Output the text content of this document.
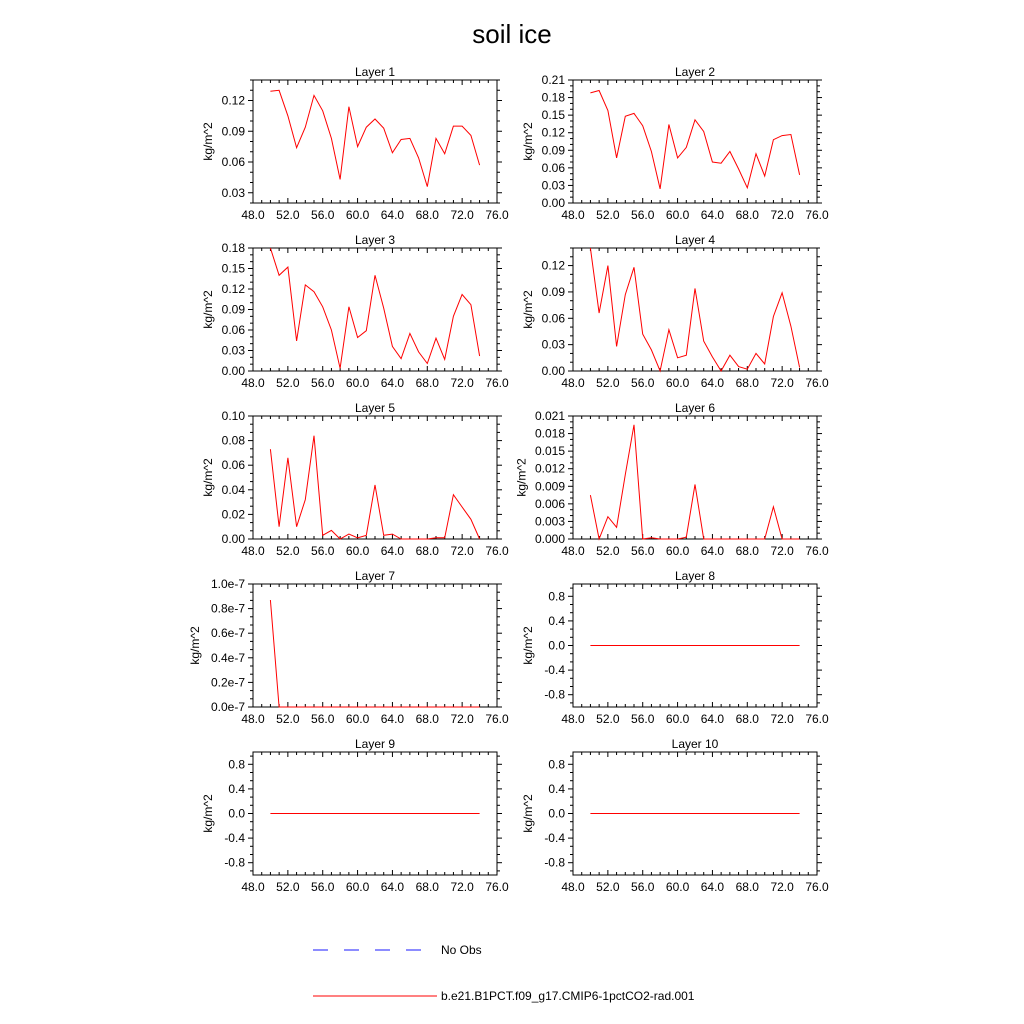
soil ice
Layer 1
48.0 52.0 56.0 60.0 64.0 68.0 72.0 76.0
0.03
0.06
0.09
0.12
kg/m^2
Layer 2
48.0 52.0 56.0 60.0 64.0 68.0 72.0 76.0
0.00
0.03
0.06
0.09
0.12
0.15
0.18
0.21
kg/m^2
Layer 3
48.0 52.0 56.0 60.0 64.0 68.0 72.0 76.0
0.00
0.03
0.06
0.09
0.12
0.15
0.18
kg/m^2
Layer 4
48.0 52.0 56.0 60.0 64.0 68.0 72.0 76.0
0.00
0.03
0.06
0.09
0.12
kg/m^2
Layer 5
48.0 52.0 56.0 60.0 64.0 68.0 72.0 76.0
0.00
0.02
0.04
0.06
0.08
0.10
kg/m^2
Layer 6
48.0 52.0 56.0 60.0 64.0 68.0 72.0 76.0
0.000
0.003
0.006
0.009
0.012
0.015
0.018
0.021
kg/m^2
Layer 7
48.0 52.0 56.0 60.0 64.0 68.0 72.0 76.0
0.0e-7
0.2e-7
0.4e-7
0.6e-7
0.8e-7
1.0e-7
kg/m^2
Layer 8
48.0 52.0 56.0 60.0 64.0 68.0 72.0 76.0
-0.8
-0.4
0.0
0.4
0.8
kg/m^2
Layer 9
48.0 52.0 56.0 60.0 64.0 68.0 72.0 76.0
-0.8
-0.4
0.0
0.4
0.8
kg/m^2
Layer 10
48.0 52.0 56.0 60.0 64.0 68.0 72.0 76.0
-0.8
-0.4
0.0
0.4
0.8
kg/m^2
No Obs
b.e21.B1PCT.f09_g17.CMIP6-1pctCO2-rad.001
